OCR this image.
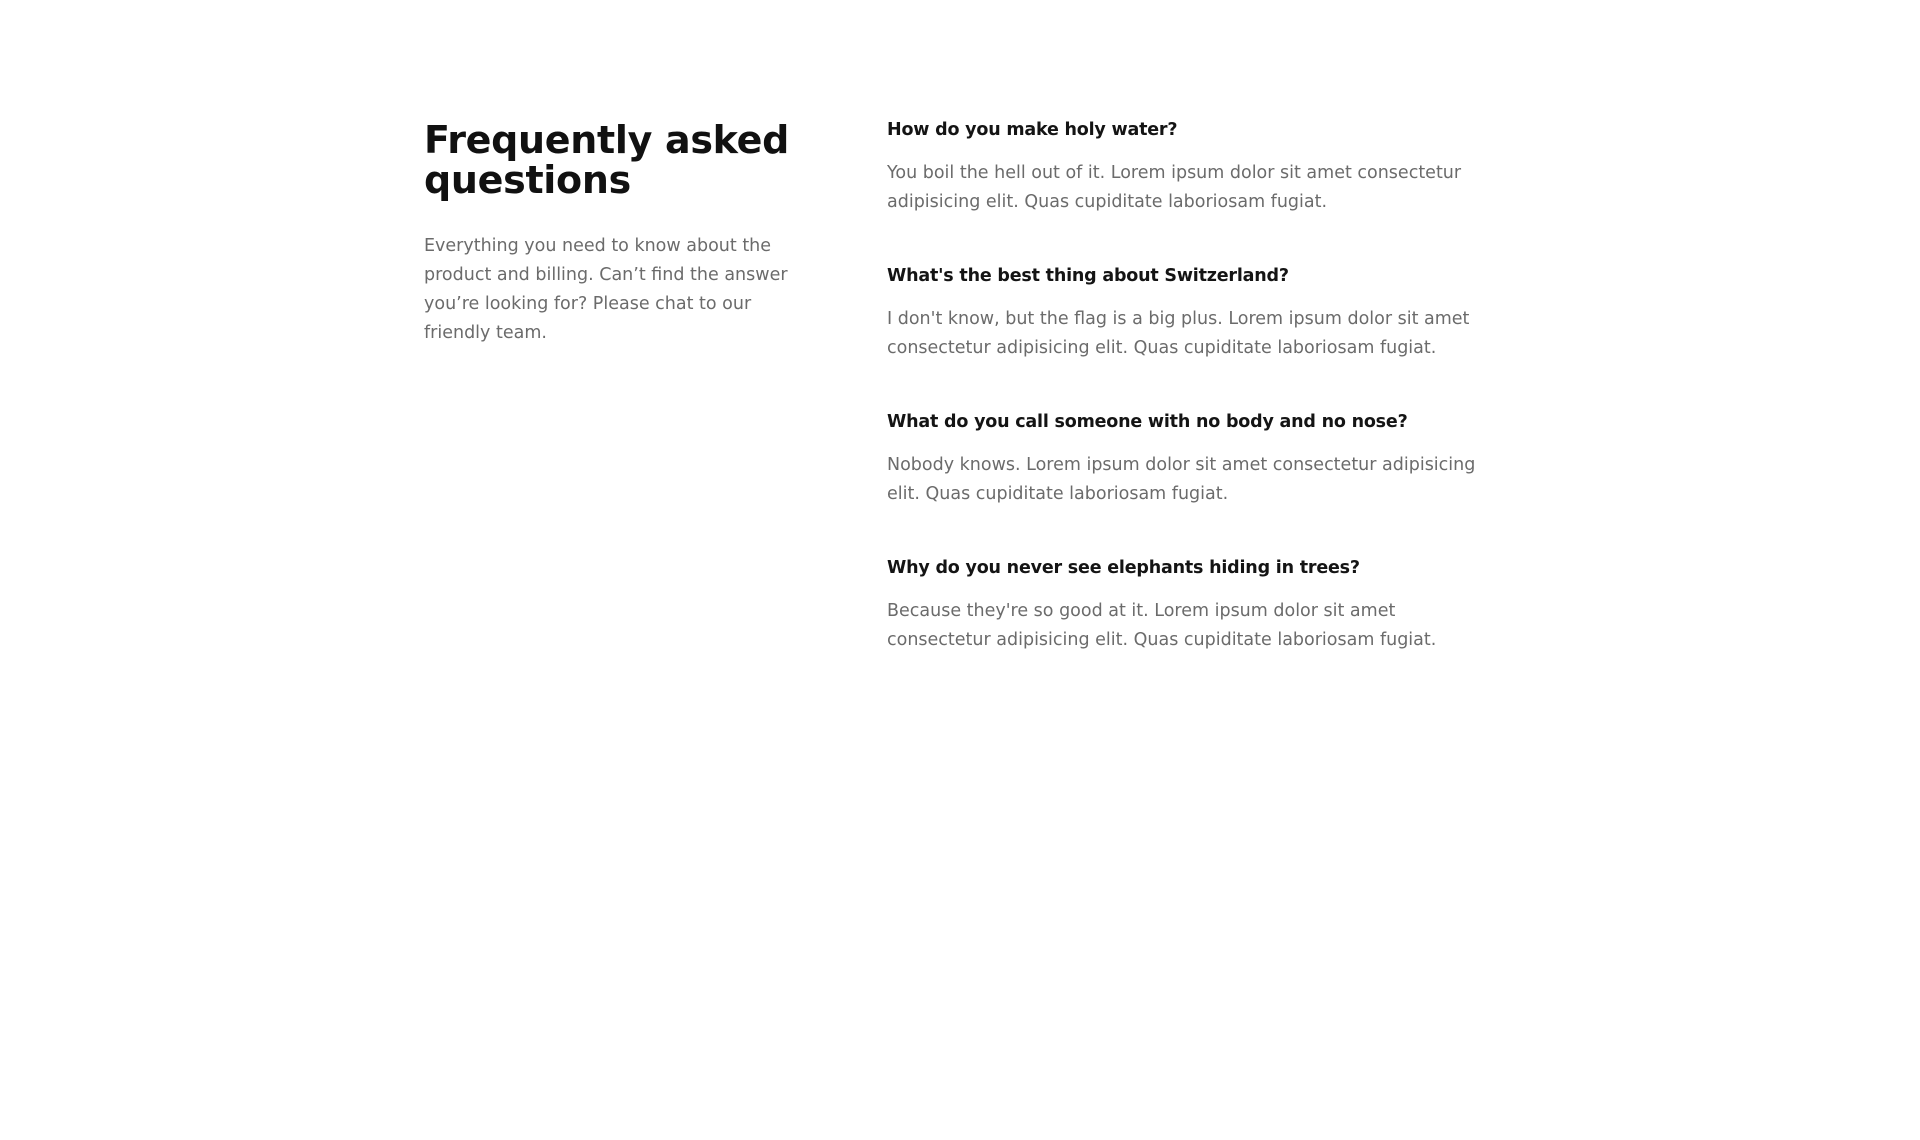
Frequently asked
questions

Everything you need to know about the product and billing. Can’t find the answer you’re looking for? Please chat to our friendly team.

How do you make holy water?

You boil the hell out of it. Lorem ipsum dolor sit amet consectetur adipisicing elit. Quas cupiditate laboriosam fugiat.

What's the best thing about Switzerland?

I don't know, but the flag is a big plus. Lorem ipsum dolor sit amet consectetur adipisicing elit. Quas cupiditate laboriosam fugiat.

What do you call someone with no body and no nose?

Nobody knows. Lorem ipsum dolor sit amet consectetur adipisicing elit. Quas cupiditate laboriosam fugiat.

Why do you never see elephants hiding in trees?

Because they're so good at it. Lorem ipsum dolor sit amet consectetur adipisicing elit. Quas cupiditate laboriosam fugiat.
